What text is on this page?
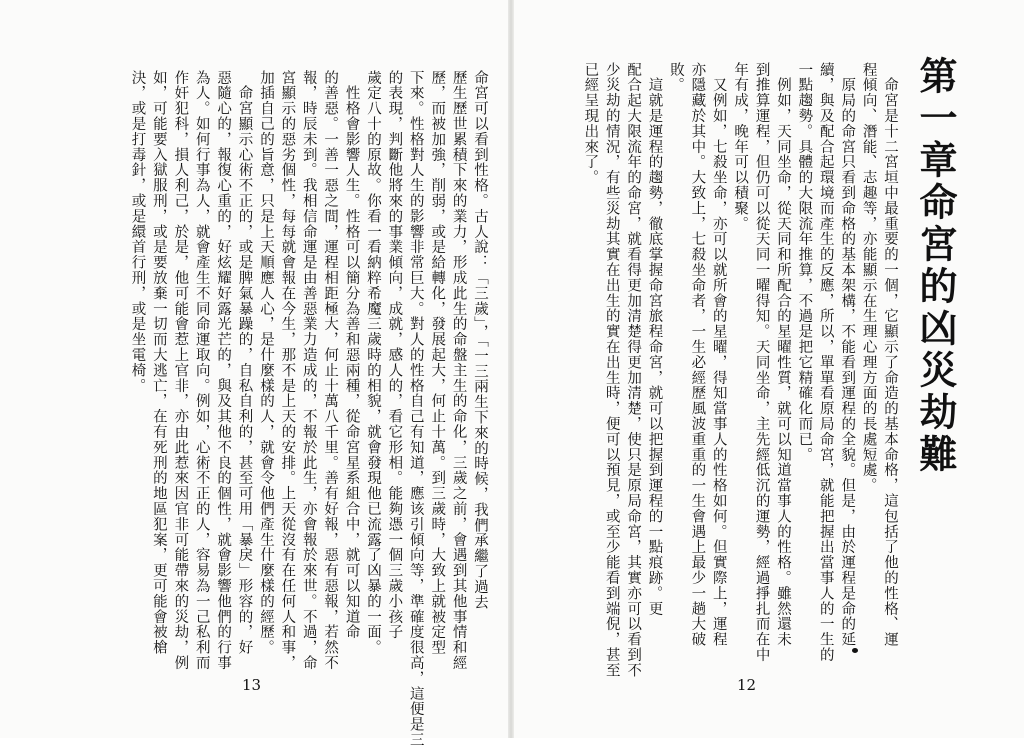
命宮可以看到性格。古人說：「三歲」，「一三兩生下來的時候，我們承繼了過去
歷生歷世累積下來的業力，形成此生的命盤主生的命化，三歲之前，會遇到其他事情和經
歷，而被加強，削弱，或是給轉化，發展起大，何止十萬。到三歲時，大致上就被定型
下來。性格對人生的影響非常巨大。對人的性格自己有知道，應该引傾向等，準確度很高，這便是三
的表現，判斷他將來的事業傾向，成就，感人的，看它形相。能夠憑一個三歲小孩子
歲定八十的原故。你看一看納粹希魔三歲時的相貌，就會發現他已流露了凶暴的一面。
　性格會影響人生。性格可以簡分為善和惡兩種，從命宮星系組合中，就可以知道命
的善惡。一善一惡之間，運程相距極大，何止十萬八千里。善有好報，惡有惡報，若然不
報，時辰未到。我相信命運是由善惡業力造成的，不報於此生，亦會報於來世。不過，命
宮顯示的惡劣個性，每每就會報在今生，那不是上天的安排。上天從沒有在任何人和事，
加插自己的旨意，只是上天順應人心，是什麼樣的人，就會令他們產生什麼樣的經歷。
　命宮顯示心術不正的，或是脾氣暴躁的，自私自利的，甚至可用「暴戾」形容的，好
惡隨心的，報復心重的，好炫耀好露光芒的，與及其他不良的個性，就會影響他們的行事
為人。如何行事為人，就會產生不同命運取向。例如，心術不正的人，容易為一己私利而
作奸犯科，損人利己，於是，他可能會惹上官非，亦由此惹來因官非可能帶來的災劫，例
如，可能要入獄服刑，或是要放棄一切而大逃亡，在有死刑的地區犯案，更可能會被槍
決，或是打毒針，或是繯首行刑，或是坐電椅。
13
第一章命宮的凶災劫難
　命宮是十二宮垣中最重要的一個，它顯示了命造的基本命格，這包括了他的性格、運
程傾向、潛能、志趣等，亦能顯示在生理心理方面的長處短處。
　原局的命宮只看到命格的基本架構，不能看到運程的全貌。但是，由於運程是命的延
續，與及配合起環境而產生的反應，所以，單單看原局命宮，就能把握出當事人的一生的
一點趨勢。具體的大限流年推算，不過是把它精確化而已。
　例如，天同坐命，從天同和所配合的星曜性質，就可以知道當事人的性格。雖然還未
到推算運程，但仍可以從天同一曜得知。天同坐命，主先經低沉的運勢，經過掙扎而在中
年有成，晚年可以積聚。
　又例如，七殺坐命，亦可以就所會的星曜，得知當事人的性格如何。但實際上，運程
亦隱藏於其中。大致上，七殺坐命者，一生必經歷風波重重的一生會遇上最少一趟大破
敗。
　這就是運程的趨勢，徹底掌握命宮旅程命宮，就可以把握到運程的一點痕跡。更
配合起大限流年的命宮，就看得更加清楚得更加清楚，使只是原局命宮，其實亦可以看到不
少災劫的情況，有些災劫其實在出生的實在出生時，便可以預見，或至少能看到端倪，甚至
已經呈現出來了。
12
